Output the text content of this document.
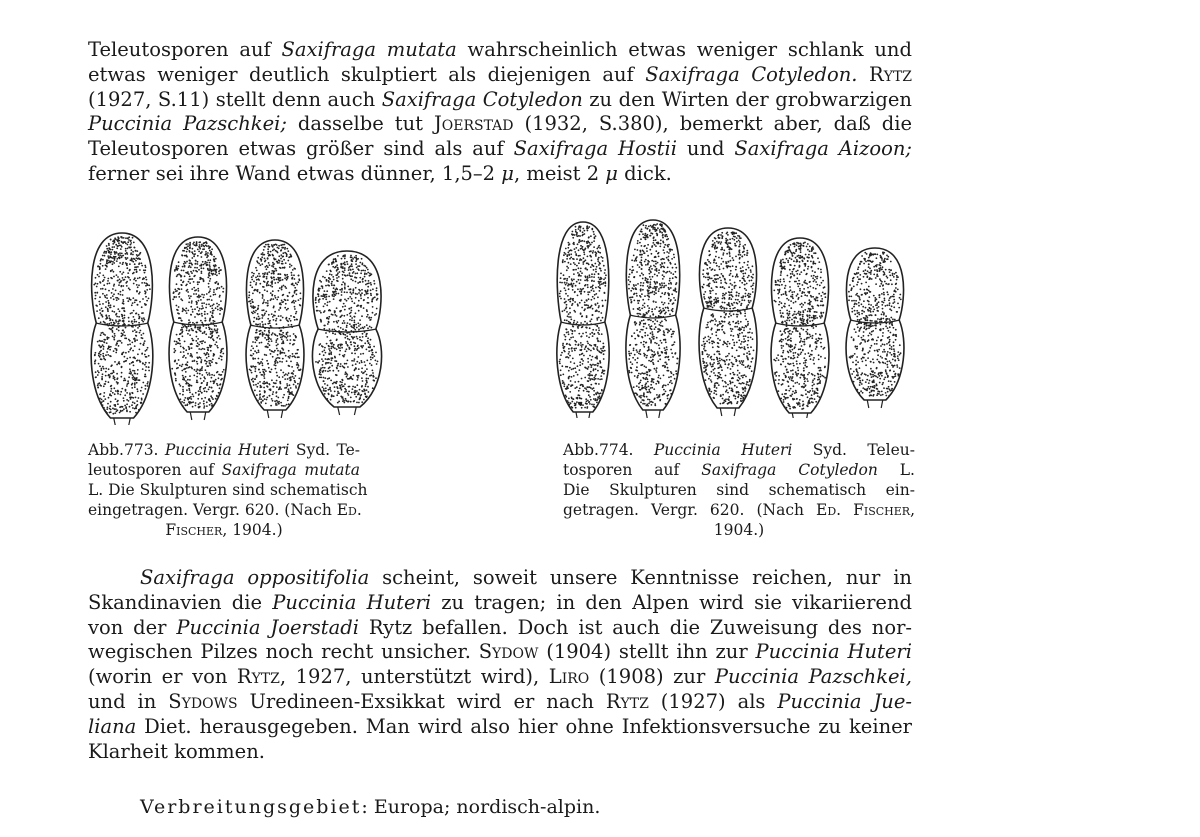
Teleutosporen auf Saxifraga mutata wahrscheinlich etwas weniger schlank und
etwas weniger deutlich skulptiert als diejenigen auf Saxifraga Cotyledon. Rytz
(1927, S.11) stellt denn auch Saxifraga Cotyledon zu den Wirten der grobwarzigen
Puccinia Pazschkei; dasselbe tut Joerstad (1932, S.380), bemerkt aber, daß die
Teleutosporen etwas größer sind als auf Saxifraga Hostii und Saxifraga Aizoon;
ferner sei ihre Wand etwas dünner, 1,5–2 μ, meist 2 μ dick.
Abb.773. Puccinia Huteri Syd. Te-
leutosporen auf Saxifraga mutata
L. Die Skulpturen sind schematisch
eingetragen. Vergr. 620. (Nach Ed.
Fischer, 1904.)
Abb.774. Puccinia Huteri Syd. Teleu-
tosporen auf Saxifraga Cotyledon L.
Die Skulpturen sind schematisch ein-
getragen. Vergr. 620. (Nach Ed. Fischer,
1904.)
Saxifraga oppositifolia scheint, soweit unsere Kenntnisse reichen, nur in
Skandinavien die Puccinia Huteri zu tragen; in den Alpen wird sie vikariierend
von der Puccinia Joerstadi Rytz befallen. Doch ist auch die Zuweisung des nor-
wegischen Pilzes noch recht unsicher. Sydow (1904) stellt ihn zur Puccinia Huteri
(worin er von Rytz, 1927, unterstützt wird), Liro (1908) zur Puccinia Pazschkei,
und in Sydows Uredineen-Exsikkat wird er nach Rytz (1927) als Puccinia Jue-
liana Diet. herausgegeben. Man wird also hier ohne Infektionsversuche zu keiner
Klarheit kommen.
Verbreitungsgebiet: Europa; nordisch-alpin.
